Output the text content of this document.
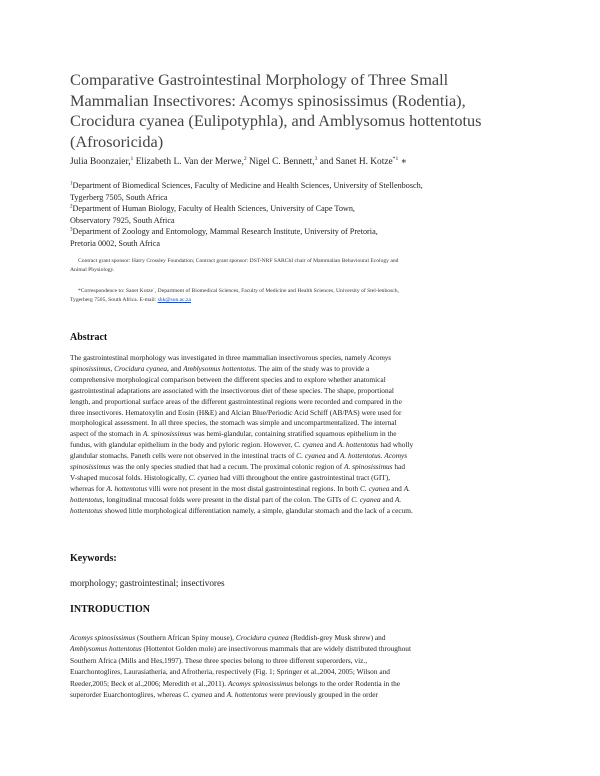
Comparative Gastrointestinal Morphology of Three Small
Mammalian Insectivores: Acomys spinosissimus (Rodentia),
Crocidura cyanea (Eulipotyphla), and Amblysomus hottentotus
(Afrosoricida)
Julia Boonzaier,$^1$ Elizabeth L. Van der Merwe,$^2$ Nigel C. Bennett,$^3$ and Sanet H. Kotze$^{*1}$ ∗
$^1$Department of Biomedical Sciences, Faculty of Medicine and Health Sciences, University of Stellenbosch,
Tygerberg 7505, South Africa
$^2$Department of Human Biology, Faculty of Health Sciences, University of Cape Town,
Observatory 7925, South Africa
$^3$Department of Zoology and Entomology, Mammal Research Institute, University of Pretoria,
Pretoria 0002, South Africa
Contract grant sponsor: Harry Crossley Foundation; Contract grant sponsor: DST-NRF SARChI chair of Mammalian Behavioural Ecology and
Animal Physiology.
*Correspondence to: Sanet Kotze˙, Department of Biomedical Sciences, Faculty of Medicine and Health Sciences, University of Stel-lenbosch,
Tygerberg 7505, South Africa. E-mail: shk@sun.ac.za
Abstract
The gastrointestinal morphology was investigated in three mammalian insectivorous species, namely Acomys
spinosissimus, Crocidura cyanea, and Amblysomus hottentotus. The aim of the study was to provide a
comprehensive morphological comparison between the different species and to explore whether anatomical
gastrointestinal adaptations are associated with the insectivorous diet of these species. The shape, proportional
length, and proportional surface areas of the different gastrointestinal regions were recorded and compared in the
three insectivores. Hematoxylin and Eosin (H&E) and Alcian Blue/Periodic Acid Schiff (AB/PAS) were used for
morphological assessment. In all three species, the stomach was simple and uncompartmentalized. The internal
aspect of the stomach in A. spinosissimus was hemi-glandular, containing stratified squamous epithelium in the
fundus, with glandular epithelium in the body and pyloric region. However, C. cyanea and A. hottentotus had wholly
glandular stomachs. Paneth cells were not observed in the intestinal tracts of C. cyanea and A. hottentotus. Acomys
spinosissimus was the only species studied that had a cecum. The proximal colonic region of A. spinosissimus had
V-shaped mucosal folds. Histologically, C. cyanea had villi throughout the entire gastrointestinal tract (GIT),
whereas for A. hottentotus villi were not present in the most distal gastrointestinal regions. In both C. cyanea and A.
hottentotus, longitudinal mucosal folds were present in the distal part of the colon. The GITs of C. cyanea and A.
hottentotus showed little morphological differentiation namely, a simple, glandular stomach and the lack of a cecum.
Keywords:
morphology; gastrointestinal; insectivores
INTRODUCTION
Acomys spinosissimus (Southern African Spiny mouse), Crocidura cyanea (Reddish-grey Musk shrew) and
Amblysomus hottentotus (Hottentot Golden mole) are insectivorous mammals that are widely distributed throughout
Southern Africa (Mills and Hes,1997). These three species belong to three different superorders, viz.,
Euarchontoglires, Laurasiatheria, and Afrotheria, respectively (Fig. 1; Springer et al.,2004, 2005; Wilson and
Reeder,2005; Beck et al.,2006; Meredith et al.,2011). Acomys spinosissimus belongs to the order Rodentia in the
superorder Euarchontoglires, whereas C. cyanea and A. hottentotus were previously grouped in the order
